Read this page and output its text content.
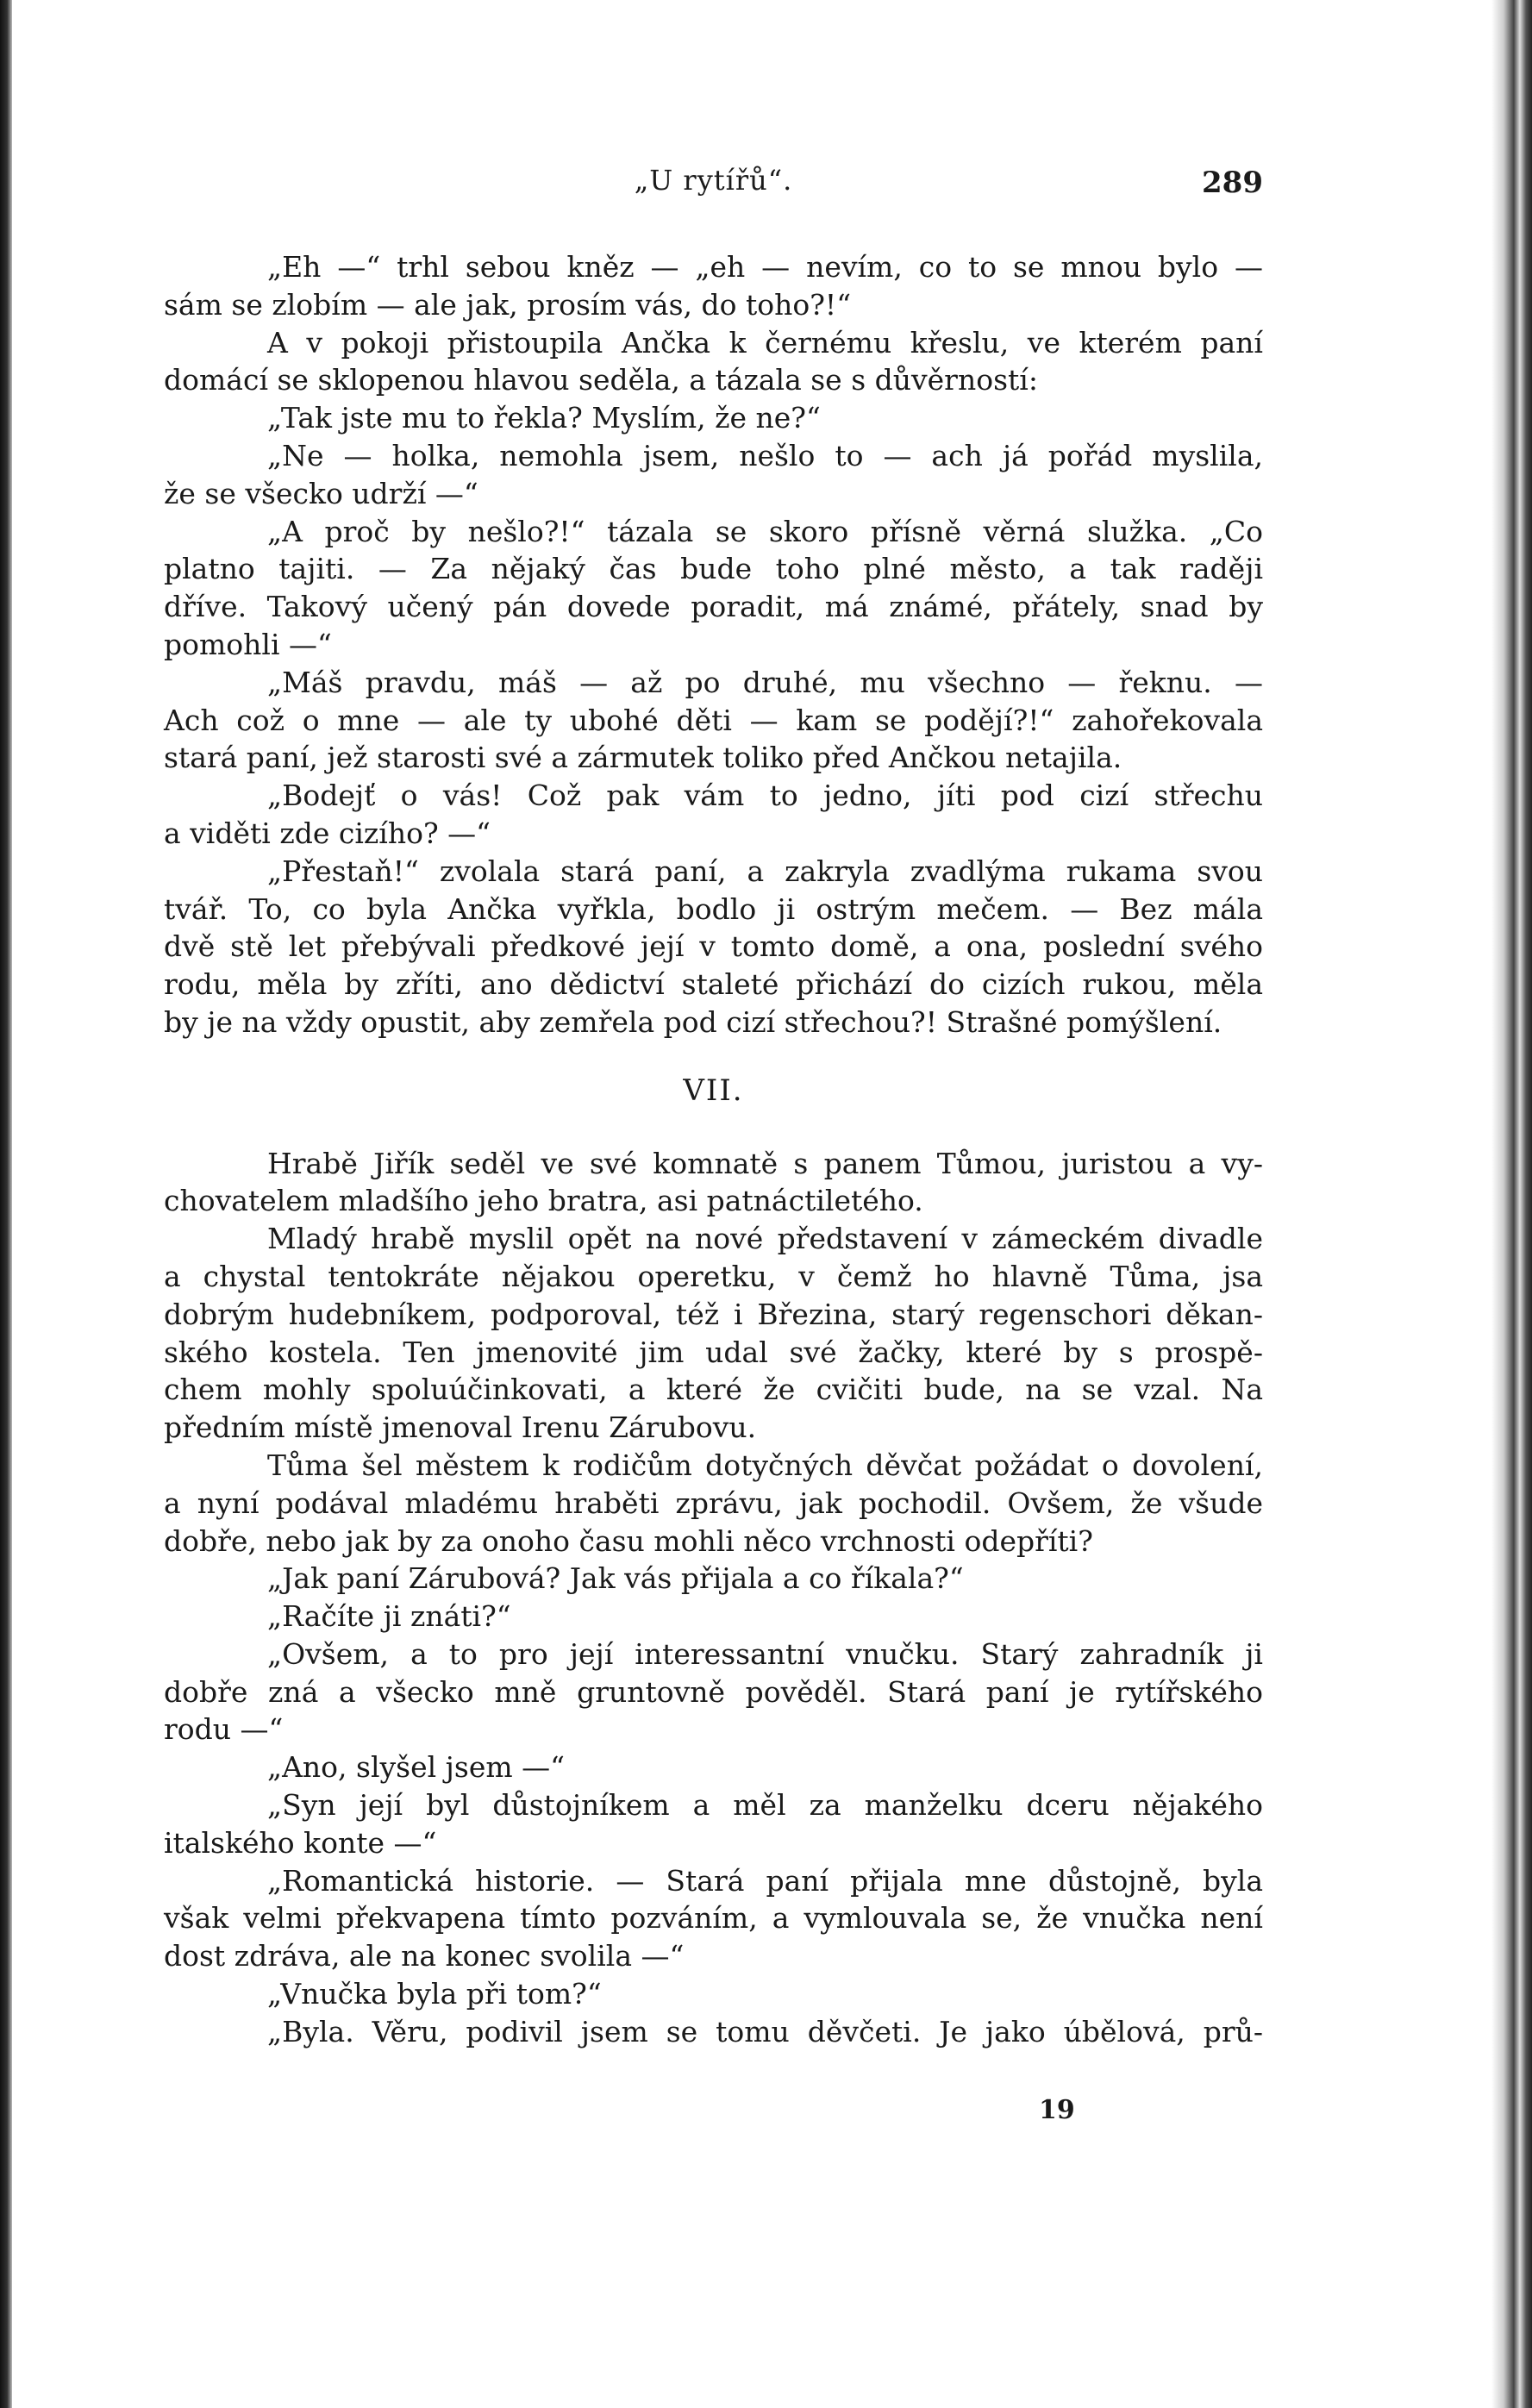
„U rytířů“.	289
„Eh —“ trhl sebou kněz — „eh — nevím, co to se mnou bylo —
sám se zlobím — ale jak, prosím vás, do toho?!“
A v pokoji přistoupila Ančka k černému křeslu, ve kterém paní
domácí se sklopenou hlavou seděla, a tázala se s důvěrností:
„Tak jste mu to řekla? Myslím, že ne?“
„Ne — holka, nemohla jsem, nešlo to — ach já pořád myslila,
že se všecko udrží —“
„A proč by nešlo?!“ tázala se skoro přísně věrná služka. „Co
platno tajiti. — Za nějaký čas bude toho plné město, a tak raději
dříve. Takový učený pán dovede poradit, má známé, přátely, snad by
pomohli —“
„Máš pravdu, máš — až po druhé, mu všechno — řeknu. —
Ach což o mne — ale ty ubohé děti — kam se podějí?!“ zahořekovala
stará paní, jež starosti své a zármutek toliko před Ančkou netajila.
„Bodejť o vás! Což pak vám to jedno, jíti pod cizí střechu
a viděti zde cizího? —“
„Přestaň!“ zvolala stará paní, a zakryla zvadlýma rukama svou
tvář. To, co byla Ančka vyřkla, bodlo ji ostrým mečem. — Bez mála
dvě stě let přebývali předkové její v tomto domě, a ona, poslední svého
rodu, měla by zříti, ano dědictví staleté přichází do cizích rukou, měla
by je na vždy opustit, aby zemřela pod cizí střechou?! Strašné pomýšlení.
VII.
Hrabě Jiřík seděl ve své komnatě s panem Tůmou, juristou a vy-
chovatelem mladšího jeho bratra, asi patnáctiletého.
Mladý hrabě myslil opět na nové představení v zámeckém divadle
a chystal tentokráte nějakou operetku, v čemž ho hlavně Tůma, jsa
dobrým hudebníkem, podporoval, též i Březina, starý regenschori děkan-
ského kostela. Ten jmenovité jim udal své žačky, které by s prospě-
chem mohly spoluúčinkovati, a které že cvičiti bude, na se vzal. Na
předním místě jmenoval Irenu Zárubovu.
Tůma šel městem k rodičům dotyčných děvčat požádat o dovolení,
a nyní podával mladému hraběti zprávu, jak pochodil. Ovšem, že všude
dobře, nebo jak by za onoho času mohli něco vrchnosti odepříti?
„Jak paní Zárubová? Jak vás přijala a co říkala?“
„Račíte ji znáti?“
„Ovšem, a to pro její interessantní vnučku. Starý zahradník ji
dobře zná a všecko mně gruntovně pověděl. Stará paní je rytířského
rodu —“
„Ano, slyšel jsem —“
„Syn její byl důstojníkem a měl za manželku dceru nějakého
italského konte —“
„Romantická historie. — Stará paní přijala mne důstojně, byla
však velmi překvapena tímto pozváním, a vymlouvala se, že vnučka není
dost zdráva, ale na konec svolila —“
„Vnučka byla při tom?“
„Byla. Věru, podivil jsem se tomu děvčeti. Je jako úbělová, prů-
19
